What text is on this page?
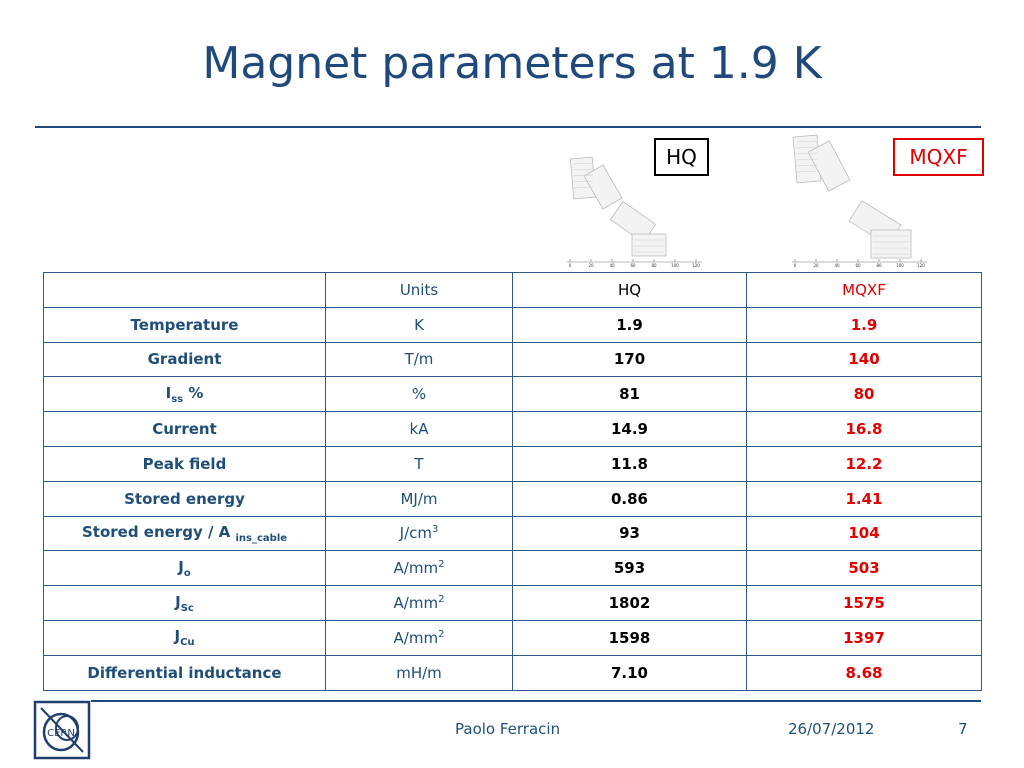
Magnet parameters at 1.9 K
0	20	40	60	80	100	120	0	20	40	60	80	100	120
HQ	MQXF
	Units	HQ	MQXF
Temperature	K	1.9	1.9
Gradient	T/m	170	140
$I_{ss}$ %	%	81	80
Current	kA	14.9	16.8
Peak field	T	11.8	12.2
Stored energy	MJ/m	0.86	1.41
Stored energy / A $_{ins\_cable}$	$J/cm^3$	93	104
$J_o$	$A/mm^2$	593	503
$J_{Sc}$	$A/mm^2$	1802	1575
$J_{Cu}$	$A/mm^2$	1598	1397
Differential inductance	mH/m	7.10	8.68
CERN	Paolo Ferracin	26/07/2012	7
